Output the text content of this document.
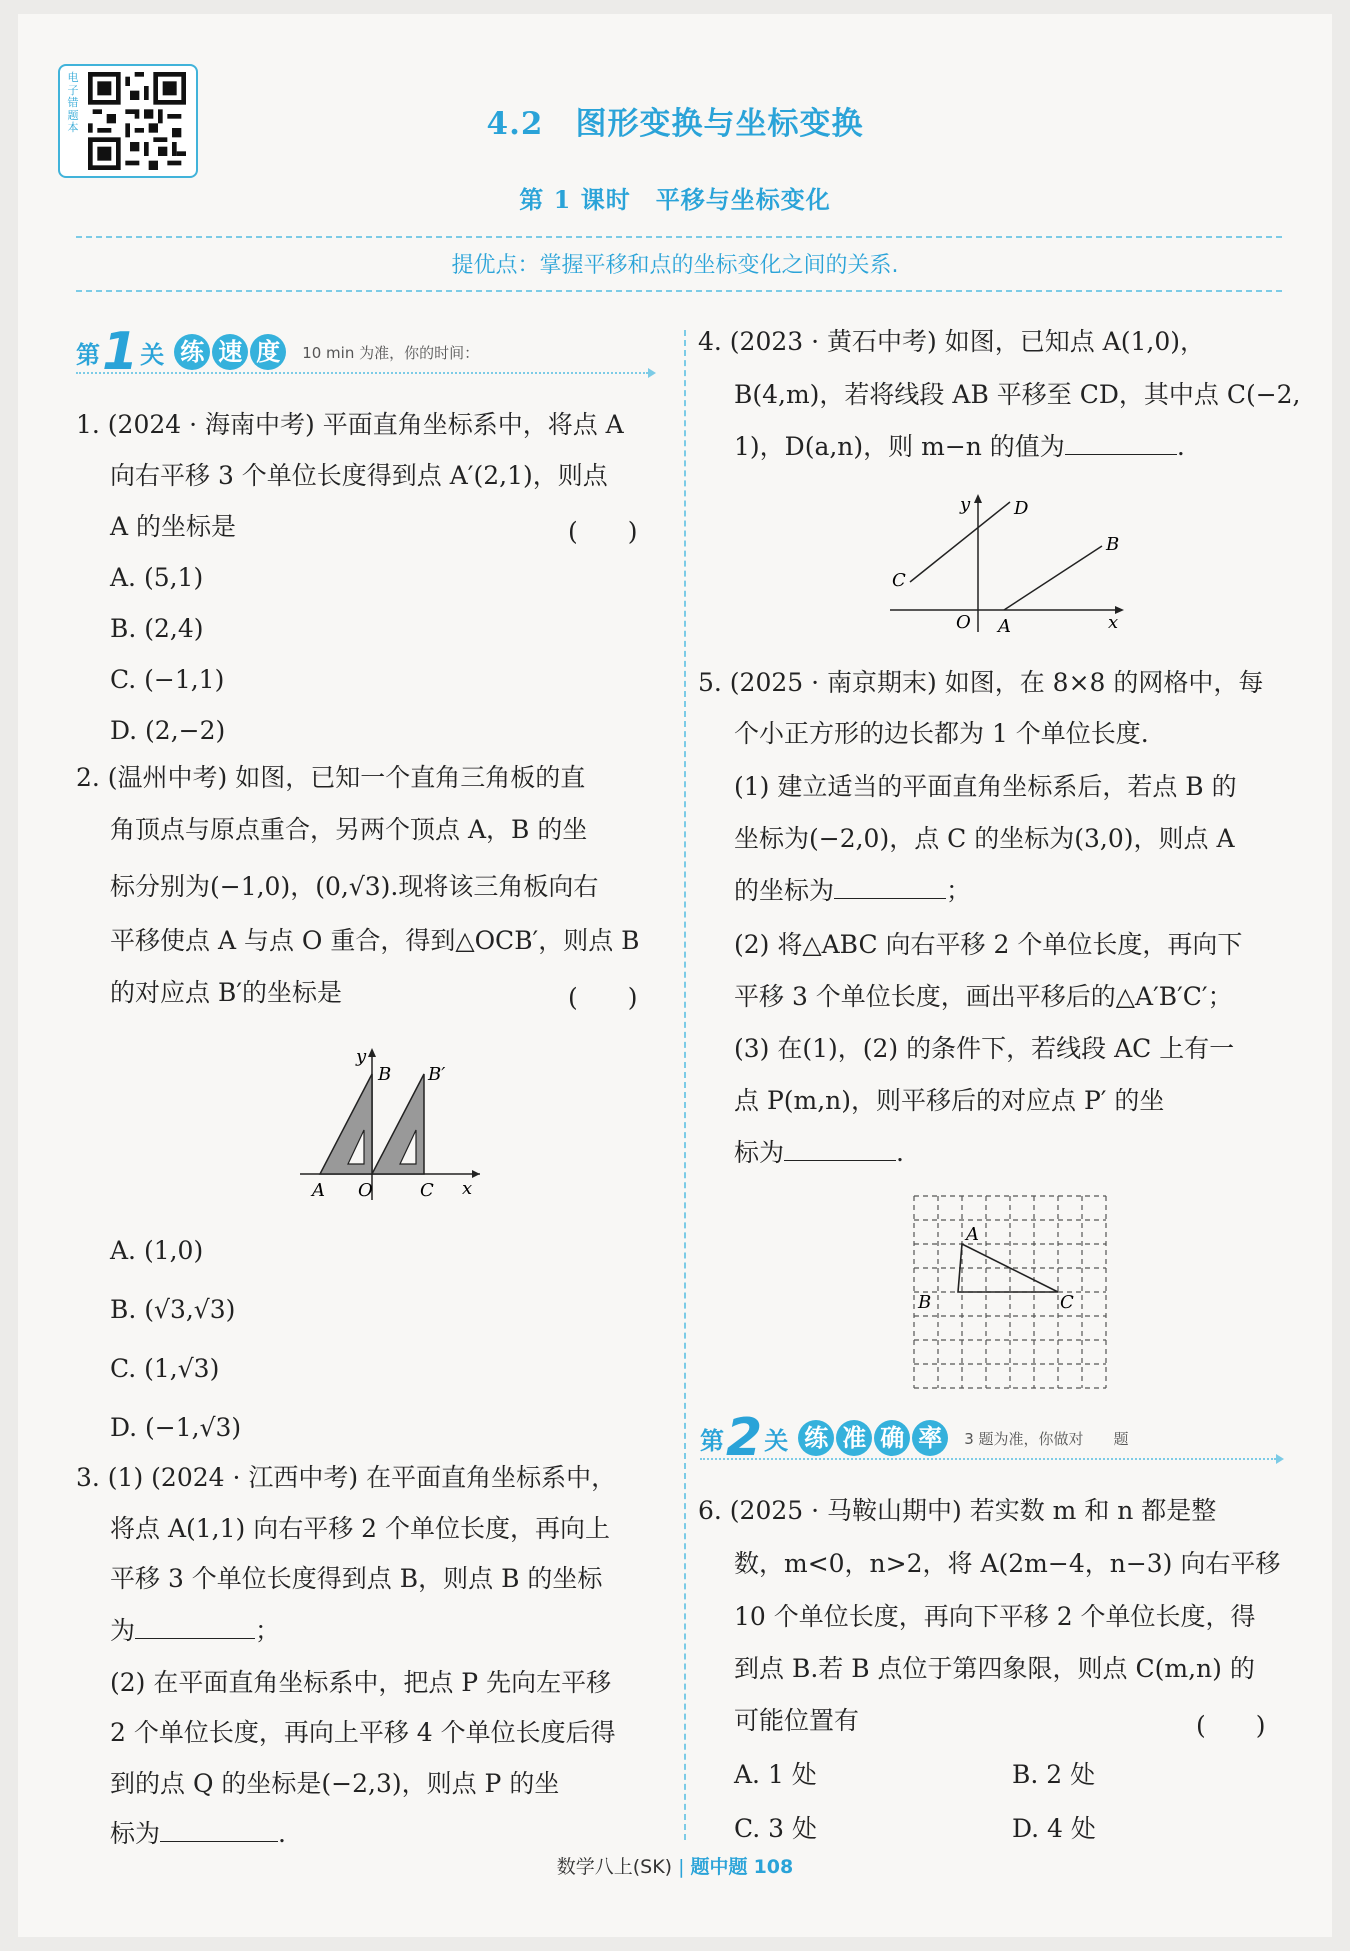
电子错题本	4.2　图形变换与坐标变换
第 1 课时　平移与坐标变化
提优点：掌握平移和点的坐标变化之间的关系.
第 1 关 练 速 度	10 min 为准，你的时间：
1. (2024 · 海南中考) 平面直角坐标系中，将点 A
向右平移 3 个单位长度得到点 A′(2,1)，则点
A 的坐标是	(　　)
A. (5,1)
B. (2,4)
C. (−1,1)
D. (2,−2)
2. (温州中考) 如图，已知一个直角三角板的直
角顶点与原点重合，另两个顶点 A，B 的坐
标分别为(−1,0)，(0,√3).现将该三角板向右
平移使点 A 与点 O 重合，得到△OCB′，则点 B
的对应点 B′的坐标是	(　　)
y
B B′
A O	C x
A. (1,0)
B. (√3,√3)
C. (1,√3)
D. (−1,√3)
3. (1) (2024 · 江西中考) 在平面直角坐标系中，
将点 A(1,1) 向右平移 2 个单位长度，再向上
平移 3 个单位长度得到点 B，则点 B 的坐标
为	；
(2) 在平面直角坐标系中，把点 P 先向左平移
2 个单位长度，再向上平移 4 个单位长度后得
到的点 Q 的坐标是(−2,3)，则点 P 的坐
标为	.
4. (2023 · 黄石中考) 如图，已知点 A(1,0)，
B(4,m)，若将线段 AB 平移至 CD，其中点 C(−2,
1)，D(a,n)，则 m−n 的值为	.
y D
B
C
O A	x
5. (2025 · 南京期末) 如图，在 8×8 的网格中，每
个小正方形的边长都为 1 个单位长度.
(1) 建立适当的平面直角坐标系后，若点 B 的
坐标为(−2,0)，点 C 的坐标为(3,0)，则点 A
的坐标为	；
(2) 将△ABC 向右平移 2 个单位长度，再向下
平移 3 个单位长度，画出平移后的△A′B′C′；
(3) 在(1)，(2) 的条件下，若线段 AC 上有一
点 P(m,n)，则平移后的对应点 P′ 的坐
标为	.
A
B	C
第 2 关 练 准 确 率	3 题为准，你做对　　题
6. (2025 · 马鞍山期中) 若实数 m 和 n 都是整
数，m<0，n>2，将 A(2m−4，n−3) 向右平移
10 个单位长度，再向下平移 2 个单位长度，得
到点 B.若 B 点位于第四象限，则点 C(m,n) 的
可能位置有	(　　)
A. 1 处	B. 2 处
C. 3 处	D. 4 处
数学八上(SK) | 题中题 108
